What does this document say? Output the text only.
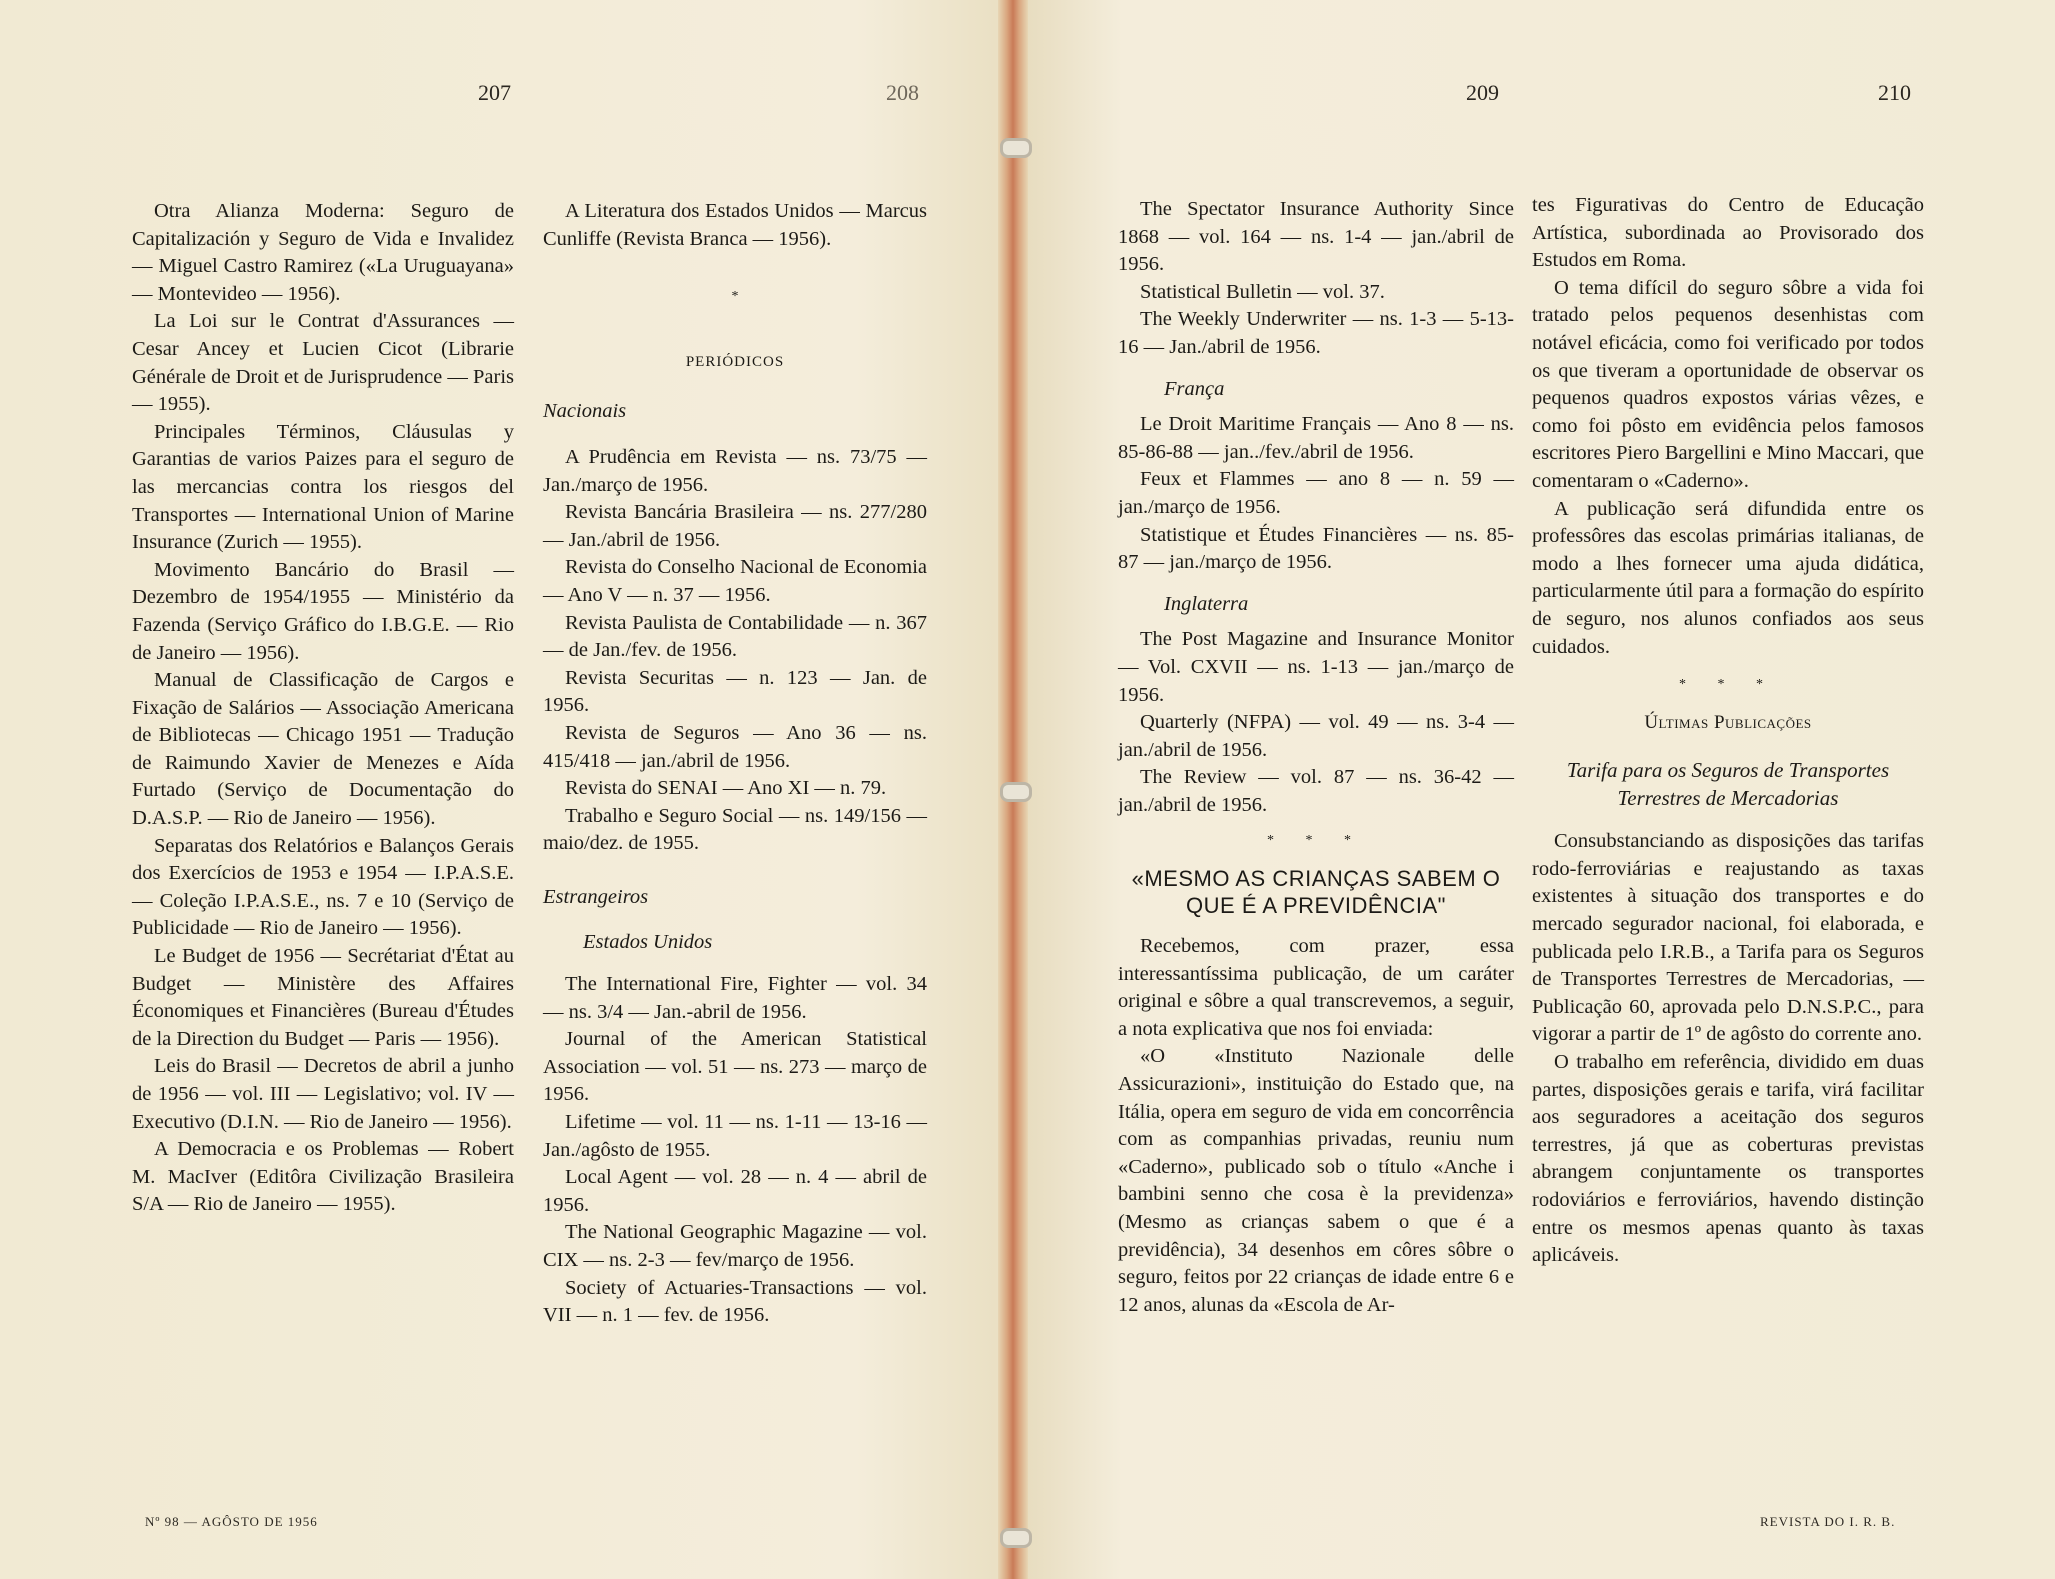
207	208	209	210

Otra Alianza Moderna: Seguro de Capitalización y Seguro de Vida e Invalidez — Miguel Castro Ramirez («La Uruguayana» — Montevideo — 1956).

La Loi sur le Contrat d'Assurances — Cesar Ancey et Lucien Cicot (Librarie Générale de Droit et de Jurisprudence — Paris — 1955).

Principales Términos, Cláusulas y Garantias de varios Paizes para el seguro de las mercancias contra los riesgos del Transportes — International Union of Marine Insurance (Zurich — 1955).

Movimento Bancário do Brasil — Dezembro de 1954/1955 — Ministério da Fazenda (Serviço Gráfico do I.B.G.E. — Rio de Janeiro — 1956).

Manual de Classificação de Cargos e Fixação de Salários — Associação Americana de Bibliotecas — Chicago 1951 — Tradução de Raimundo Xavier de Menezes e Aída Furtado (Serviço de Documentação do D.A.S.P. — Rio de Janeiro — 1956).

Separatas dos Relatórios e Balanços Gerais dos Exercícios de 1953 e 1954 — I.P.A.S.E. — Coleção I.P.A.S.E., ns. 7 e 10 (Serviço de Publicidade — Rio de Janeiro — 1956).

Le Budget de 1956 — Secrétariat d'État au Budget — Ministère des Affaires Économiques et Financières (Bureau d'Études de la Direction du Budget — Paris — 1956).

Leis do Brasil — Decretos de abril a junho de 1956 — vol. III — Legislativo; vol. IV — Executivo (D.I.N. — Rio de Janeiro — 1956).

A Democracia e os Problemas — Robert M. MacIver (Editôra Civilização Brasileira S/A — Rio de Janeiro — 1955).

A Literatura dos Estados Unidos — Marcus Cunliffe (Revista Branca — 1956).

*
PERIÓDICOS
Nacionais

A Prudência em Revista — ns. 73/75 — Jan./março de 1956.

Revista Bancária Brasileira — ns. 277/280 — Jan./abril de 1956.

Revista do Conselho Nacional de Economia — Ano V — n. 37 — 1956.

Revista Paulista de Contabilidade — n. 367 — de Jan./fev. de 1956.

Revista Securitas — n. 123 — Jan. de 1956.

Revista de Seguros — Ano 36 — ns. 415/418 — jan./abril de 1956.

Revista do SENAI — Ano XI — n. 79.

Trabalho e Seguro Social — ns. 149/156 — maio/dez. de 1955.

Estrangeiros
Estados Unidos

The International Fire, Fighter — vol. 34 — ns. 3/4 — Jan.-abril de 1956.

Journal of the American Statistical Association — vol. 51 — ns. 273 — março de 1956.

Lifetime — vol. 11 — ns. 1-11 — 13-16 — Jan./agôsto de 1955.

Local Agent — vol. 28 — n. 4 — abril de 1956.

The National Geographic Magazine — vol. CIX — ns. 2-3 — fev/março de 1956.

Society of Actuaries-Transactions — vol. VII — n. 1 — fev. de 1956.

The Spectator Insurance Authority Since 1868 — vol. 164 — ns. 1-4 — jan./abril de 1956.

Statistical Bulletin — vol. 37.

The Weekly Underwriter — ns. 1-3 — 5-13-16 — Jan./abril de 1956.

França

Le Droit Maritime Français — Ano 8 — ns. 85-86-88 — jan../fev./abril de 1956.

Feux et Flammes — ano 8 — n. 59 — jan./março de 1956.

Statistique et Études Financières — ns. 85-87 — jan./março de 1956.

Inglaterra

The Post Magazine and Insurance Monitor — Vol. CXVII — ns. 1-13 — jan./março de 1956.

Quarterly (NFPA) — vol. 49 — ns. 3-4 — jan./abril de 1956.

The Review — vol. 87 — ns. 36-42 — jan./abril de 1956.

* * *
«MESMO AS CRIANÇAS SABEM O QUE É A PREVIDÊNCIA"

Recebemos, com prazer, essa interessantíssima publicação, de um caráter original e sôbre a qual transcrevemos, a seguir, a nota explicativa que nos foi enviada:

«O «Instituto Nazionale delle Assicurazioni», instituição do Estado que, na Itália, opera em seguro de vida em concorrência com as companhias privadas, reuniu num «Caderno», publicado sob o título «Anche i bambini senno che cosa è la previdenza» (Mesmo as crianças sabem o que é a previdência), 34 desenhos em côres sôbre o seguro, feitos por 22 crianças de idade entre 6 e 12 anos, alunas da «Escola de Ar-

tes Figurativas do Centro de Educação Artística, subordinada ao Provisorado dos Estudos em Roma.

O tema difícil do seguro sôbre a vida foi tratado pelos pequenos desenhistas com notável eficácia, como foi verificado por todos os que tiveram a oportunidade de observar os pequenos quadros expostos várias vêzes, e como foi pôsto em evidência pelos famosos escritores Piero Bargellini e Mino Maccari, que comentaram o «Caderno».

A publicação será difundida entre os professôres das escolas primárias italianas, de modo a lhes fornecer uma ajuda didática, particularmente útil para a formação do espírito de seguro, nos alunos confiados aos seus cuidados.

* * *
Últimas Publicações
Tarifa para os Seguros de Transportes Terrestres de Mercadorias

Consubstanciando as disposições das tarifas rodo-ferroviárias e reajustando as taxas existentes à situação dos transportes e do mercado segurador nacional, foi elaborada, e publicada pelo I.R.B., a Tarifa para os Seguros de Transportes Terrestres de Mercadorias, — Publicação 60, aprovada pelo D.N.S.P.C., para vigorar a partir de 1º de agôsto do corrente ano.

O trabalho em referência, dividido em duas partes, disposições gerais e tarifa, virá facilitar aos seguradores a aceitação dos seguros terrestres, já que as coberturas previstas abrangem conjuntamente os transportes rodoviários e ferroviários, havendo distinção entre os mesmos apenas quanto às taxas aplicáveis.

Nº 98 — AGÔSTO DE 1956	REVISTA DO I. R. B.
